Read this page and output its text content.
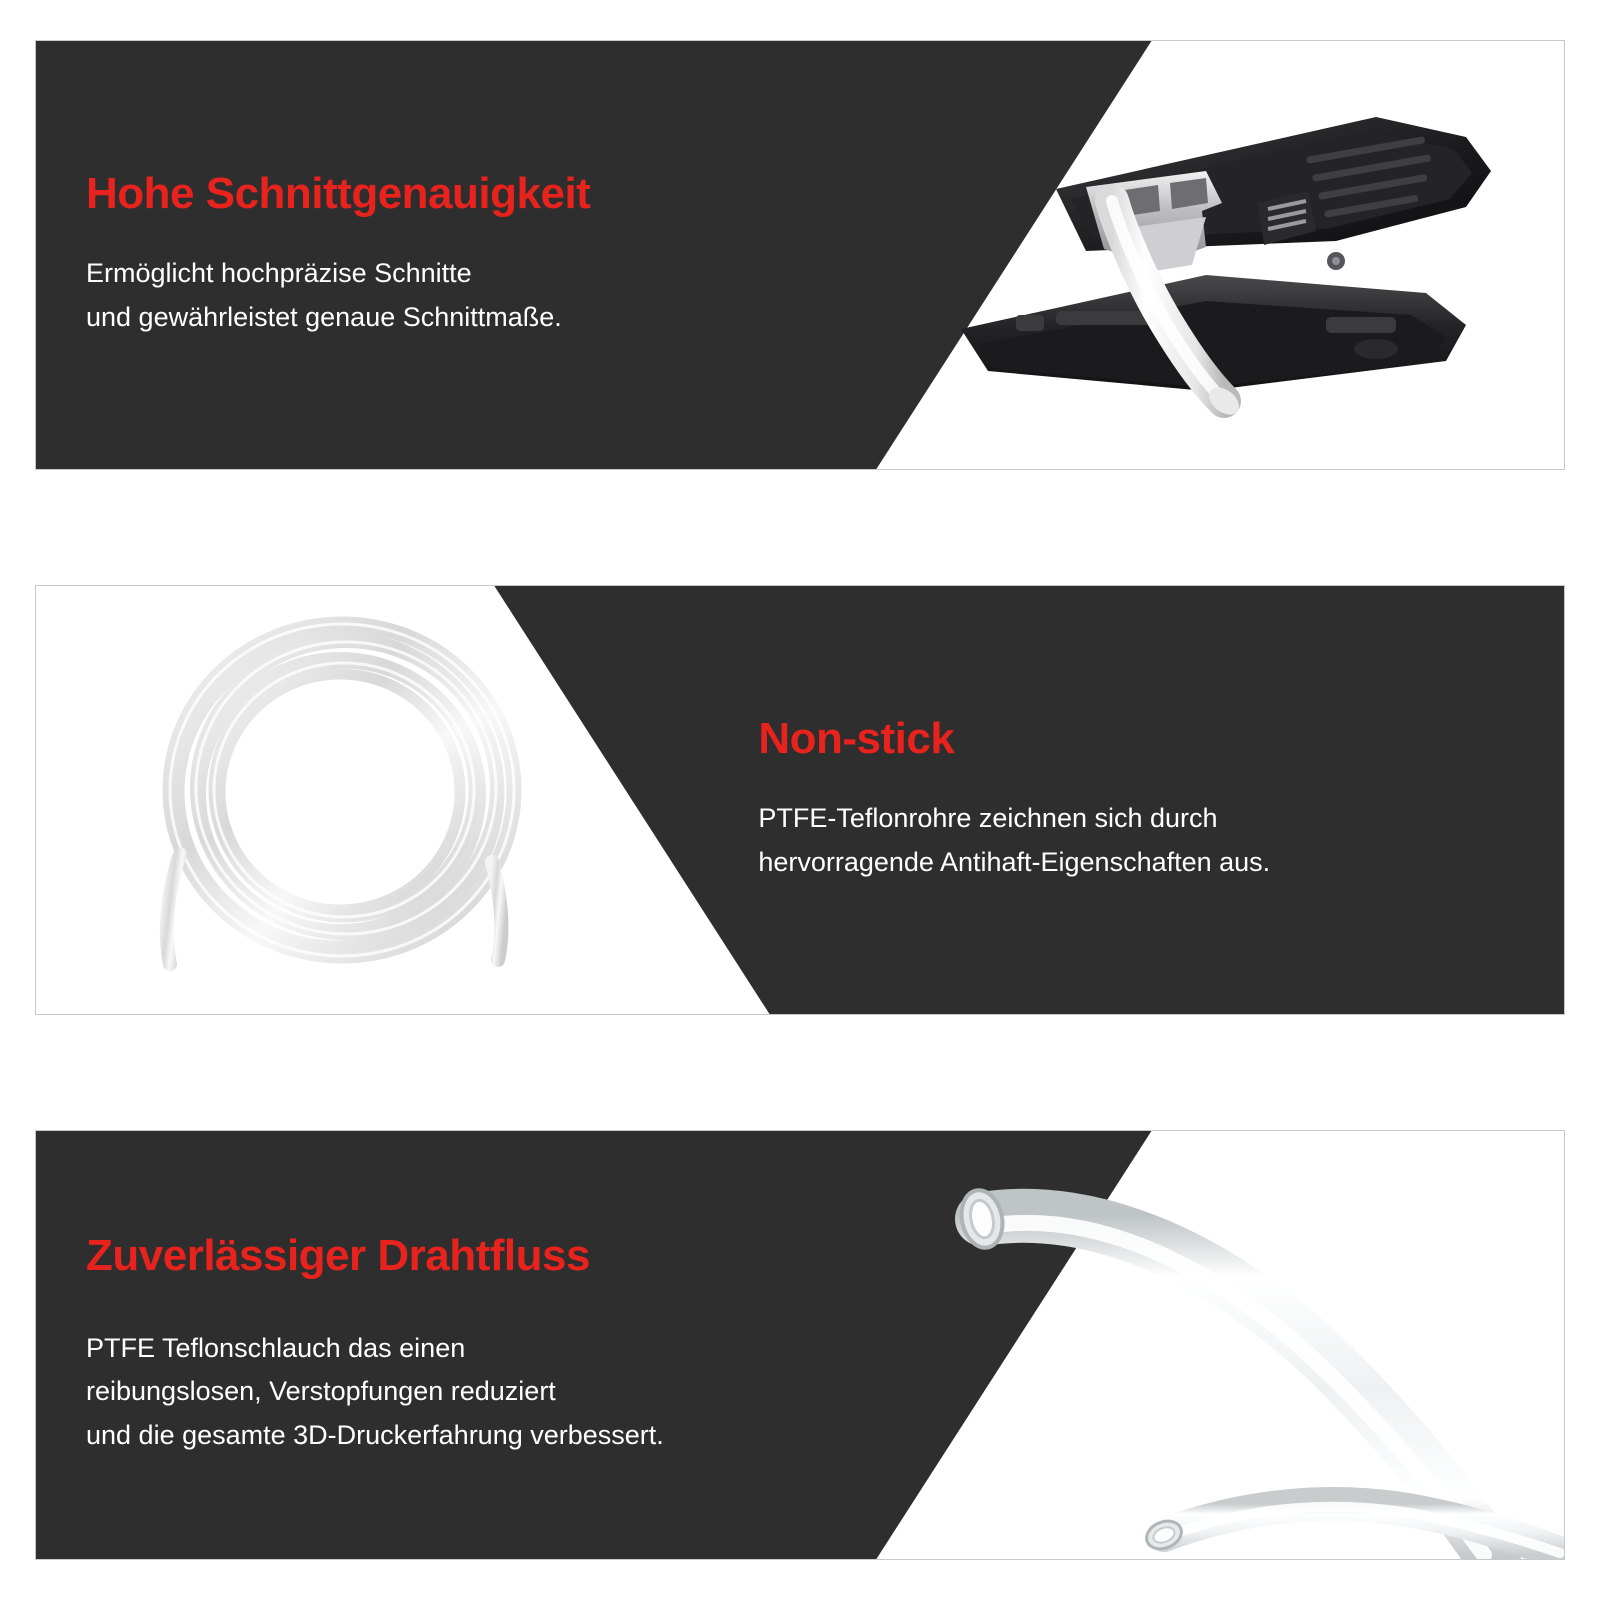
Hohe Schnittgenauigkeit

Ermöglicht hochpräzise Schnitte

und gewährleistet genaue Schnittmaße.

Non-stick

PTFE-Teflonrohre zeichnen sich durch

hervorragende Antihaft-Eigenschaften aus.

Zuverlässiger Drahtfluss

PTFE Teflonschlauch das einen

reibungslosen, Verstopfungen reduziert

und die gesamte 3D-Druckerfahrung verbessert.
